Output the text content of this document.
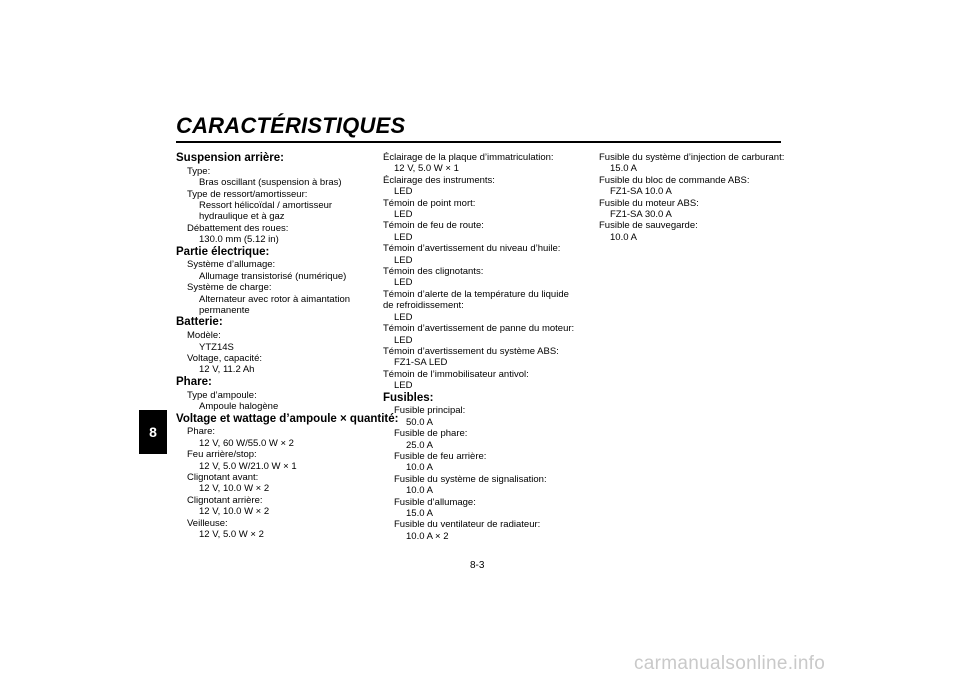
CARACTÉRISTIQUES
8
Suspension arrière:
Type:
Bras oscillant (suspension à bras)
Type de ressort/amortisseur:
Ressort hélicoïdal / amortisseur
hydraulique et à gaz
Débattement des roues:
130.0 mm (5.12 in)
Partie électrique:
Système d’allumage:
Allumage transistorisé (numérique)
Système de charge:
Alternateur avec rotor à aimantation
permanente
Batterie:
Modèle:
YTZ14S
Voltage, capacité:
12 V, 11.2 Ah
Phare:
Type d’ampoule:
Ampoule halogène
Voltage et wattage d’ampoule × quantité:
Phare:
12 V, 60 W/55.0 W × 2
Feu arrière/stop:
12 V, 5.0 W/21.0 W × 1
Clignotant avant:
12 V, 10.0 W × 2
Clignotant arrière:
12 V, 10.0 W × 2
Veilleuse:
12 V, 5.0 W × 2
Éclairage de la plaque d’immatriculation:
12 V, 5.0 W × 1
Éclairage des instruments:
LED
Témoin de point mort:
LED
Témoin de feu de route:
LED
Témoin d’avertissement du niveau d’huile:
LED
Témoin des clignotants:
LED
Témoin d’alerte de la température du liquide
de refroidissement:
LED
Témoin d’avertissement de panne du moteur:
LED
Témoin d’avertissement du système ABS:
FZ1-SA LED
Témoin de l’immobilisateur antivol:
LED
Fusibles:
Fusible principal:
50.0 A
Fusible de phare:
25.0 A
Fusible de feu arrière:
10.0 A
Fusible du système de signalisation:
10.0 A
Fusible d’allumage:
15.0 A
Fusible du ventilateur de radiateur:
10.0 A × 2
Fusible du système d’injection de carburant:
15.0 A
Fusible du bloc de commande ABS:
FZ1-SA 10.0 A
Fusible du moteur ABS:
FZ1-SA 30.0 A
Fusible de sauvegarde:
10.0 A
8-3
carmanualsonline.info
